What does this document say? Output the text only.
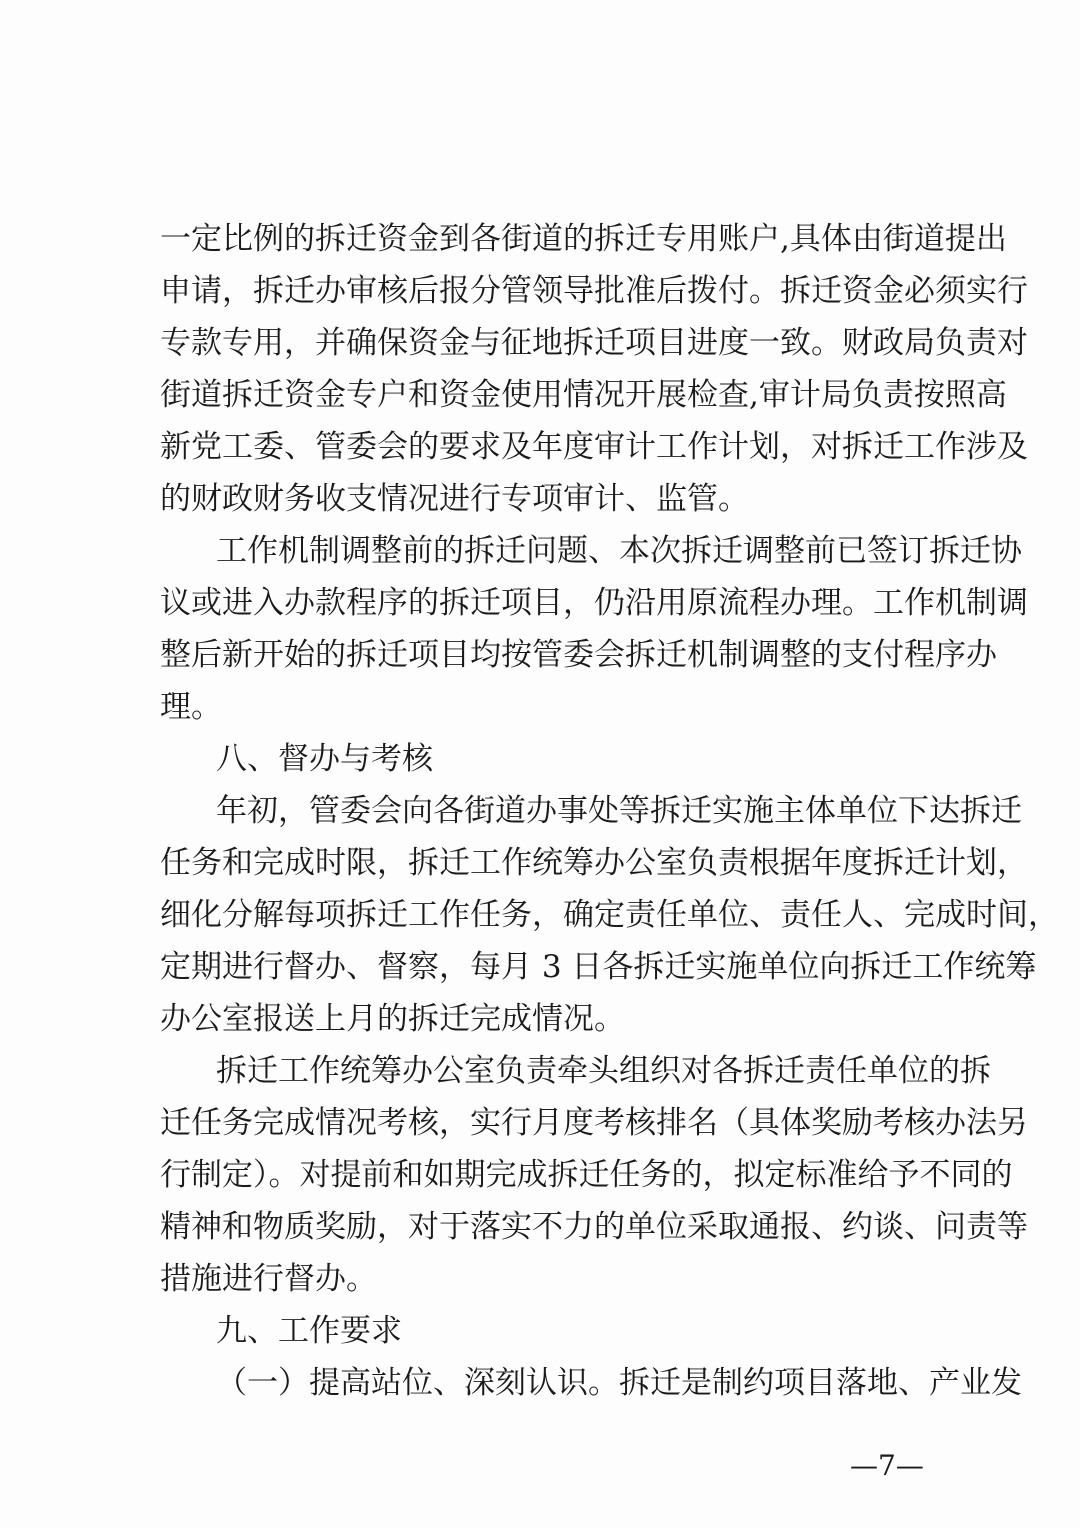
一定比例的拆迁资金到各街道的拆迁专用账户,具体由街道提出
申请，拆迁办审核后报分管领导批准后拨付。拆迁资金必须实行
专款专用，并确保资金与征地拆迁项目进度一致。财政局负责对
街道拆迁资金专户和资金使用情况开展检查,审计局负责按照高
新党工委、管委会的要求及年度审计工作计划，对拆迁工作涉及
的财政财务收支情况进行专项审计、监管。
工作机制调整前的拆迁问题、本次拆迁调整前已签订拆迁协
议或进入办款程序的拆迁项目，仍沿用原流程办理。工作机制调
整后新开始的拆迁项目均按管委会拆迁机制调整的支付程序办
理。
八、督办与考核
年初，管委会向各街道办事处等拆迁实施主体单位下达拆迁
任务和完成时限，拆迁工作统筹办公室负责根据年度拆迁计划，
细化分解每项拆迁工作任务，确定责任单位、责任人、完成时间，
定期进行督办、督察，每月 3 日各拆迁实施单位向拆迁工作统筹
办公室报送上月的拆迁完成情况。
拆迁工作统筹办公室负责牵头组织对各拆迁责任单位的拆
迁任务完成情况考核，实行月度考核排名（具体奖励考核办法另
行制定）。对提前和如期完成拆迁任务的，拟定标准给予不同的
精神和物质奖励，对于落实不力的单位采取通报、约谈、问责等
措施进行督办。
九、工作要求
（一）提高站位、深刻认识。拆迁是制约项目落地、产业发
—7—
